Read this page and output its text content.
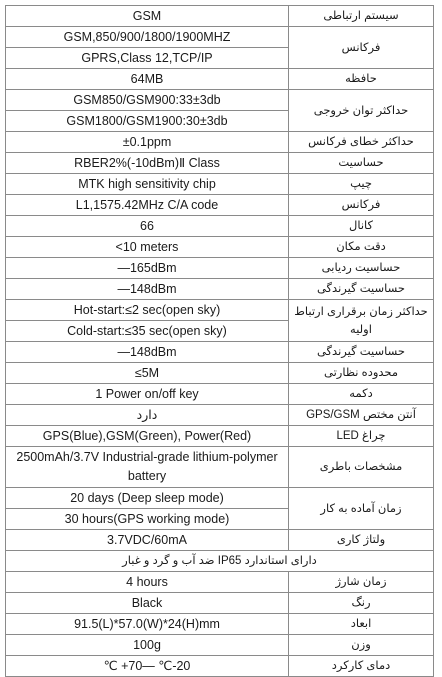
GSM	سیستم ارتباطی
GSM,850/900/1800/1900MHZ	فرکانس
GPRS,Class 12,TCP/IP	
64MB	حافظه
GSM850/GSM900:33±3db	حداکثر توان خروجی
GSM1800/GSM1900:30±3db	
±0.1ppm	حداکثر خطای فرکانس
RBER2%(-10dBm)Ⅱ Class	حساسیت
MTK high sensitivity chip	چیپ
L1,1575.42MHz C/A code	فرکانس
66	کانال
<10 meters	دقت مکان
—165dBm	حساسیت ردیابی
—148dBm	حساسیت گیرندگی
Hot-start:≤2 sec(open sky)	حداکثر زمان برقراری ارتباط اولیه
Cold-start:≤35 sec(open sky)	
—148dBm	حساسیت گیرندگی
≤5M	محدوده نظارتی
1 Power on/off key	دکمه
دارد	آنتن مختص GPS/GSM
GPS(Blue),GSM(Green), Power(Red)	چراغ LED
2500mAh/3.7V Industrial-grade lithium-polymer battery	مشخصات باطری
20 days (Deep sleep mode)	زمان آماده به کار
30 hours(GPS working mode)	
3.7VDC/60mA	ولتاژ کاری
دارای استاندارد IP65 ضد آب و گرد و غبار	
4 hours	زمان شارژ
Black	رنگ
91.5(L)*57.0(W)*24(H)mm	ابعاد
100g	وزن
℃ +70— ℃-20	دمای کارکرد
